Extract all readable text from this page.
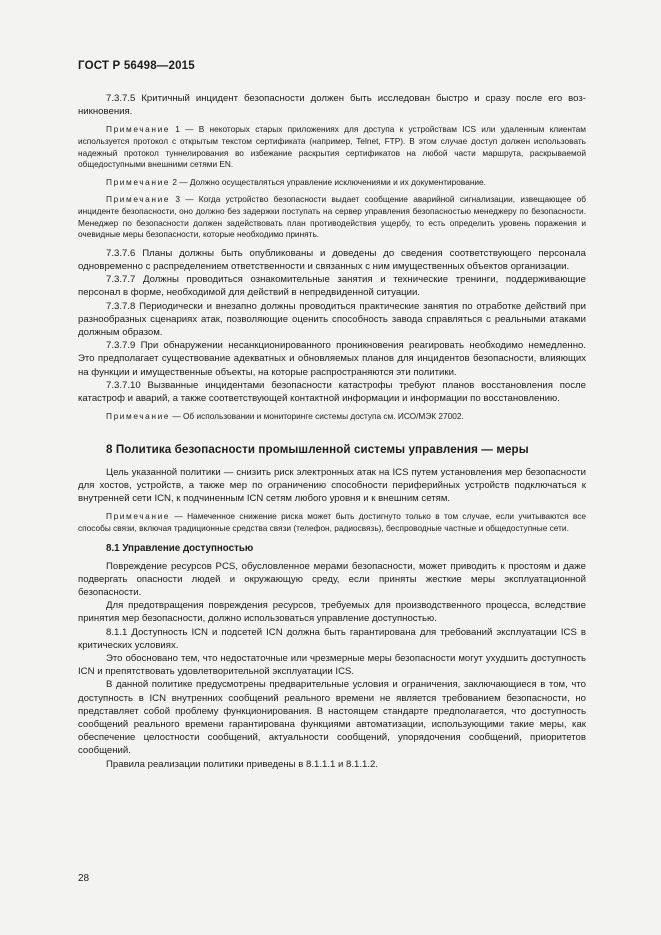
ГОСТ Р 56498—2015

7.3.7.5 Критичный инцидент безопасности должен быть исследован быстро и сразу после его возникновения.

Примечание 1 — В некоторых старых приложениях для доступа к устройствам ICS или удаленным клиентам используется протокол с открытым текстом сертификата (например, Telnet, FTP). В этом случае доступ должен использовать надежный протокол туннелирования во избежание раскрытия сертификатов на любой части маршрута, раскрываемой общедоступными внешними сетями EN.

Примечание 2 — Должно осуществляться управление исключениями и их документирование.

Примечание 3 — Когда устройство безопасности выдает сообщение аварийной сигнализации, извещающее об инциденте безопасности, оно должно без задержки поступать на сервер управления безопасностью менеджеру по безопасности. Менеджер по безопасности должен задействовать план противодействия ущербу, то есть определить уровень поражения и очевидные меры безопасности, которые необходимо принять.

7.3.7.6 Планы должны быть опубликованы и доведены до сведения соответствующего персонала одновременно с распределением ответственности и связанных с ним имущественных объектов организации.

7.3.7.7 Должны проводиться ознакомительные занятия и технические тренинги, поддерживающие персонал в форме, необходимой для действий в непредвиденной ситуации.

7.3.7.8 Периодически и внезапно должны проводиться практические занятия по отработке действий при разнообразных сценариях атак, позволяющие оценить способность завода справляться с реальными атаками должным образом.

7.3.7.9 При обнаружении несанкционированного проникновения реагировать необходимо немедленно. Это предполагает существование адекватных и обновляемых планов для инцидентов безопасности, влияющих на функции и имущественные объекты, на которые распространяются эти политики.

7.3.7.10 Вызванные инцидентами безопасности катастрофы требуют планов восстановления после катастроф и аварий, а также соответствующей контактной информации и информации по восстановлению.

Примечание — Об использовании и мониторинге системы доступа см. ИСО/МЭК 27002.

8 Политика безопасности промышленной системы управления — меры

Цель указанной политики — снизить риск электронных атак на ICS путем установления мер безопасности для хостов, устройств, а также мер по ограничению способности периферийных устройств подключаться к внутренней сети ICN, к подчиненным ICN сетям любого уровня и к внешним сетям.

Примечание — Намеченное снижение риска может быть достигнуто только в том случае, если учитываются все способы связи, включая традиционные средства связи (телефон, радиосвязь), беспроводные частные и общедоступные сети.

8.1 Управление доступностью

Повреждение ресурсов PCS, обусловленное мерами безопасности, может приводить к простоям и даже подвергать опасности людей и окружающую среду, если приняты жесткие меры эксплуатационной безопасности.

Для предотвращения повреждения ресурсов, требуемых для производственного процесса, вследствие принятия мер безопасности, должно использоваться управление доступностью.

8.1.1 Доступность ICN и подсетей ICN должна быть гарантирована для требований эксплуатации ICS в критических условиях.

Это обосновано тем, что недостаточные или чрезмерные меры безопасности могут ухудшить доступность ICN и препятствовать удовлетворительной эксплуатации ICS.

В данной политике предусмотрены предварительные условия и ограничения, заключающиеся в том, что доступность в ICN внутренних сообщений реального времени не является требованием безопасности, но представляет собой проблему функционирования. В настоящем стандарте предполагается, что доступность сообщений реального времени гарантирована функциями автоматизации, использующими такие меры, как обеспечение целостности сообщений, актуальности сообщений, упорядочения сообщений, приоритетов сообщений.

Правила реализации политики приведены в 8.1.1.1 и 8.1.1.2.

28
